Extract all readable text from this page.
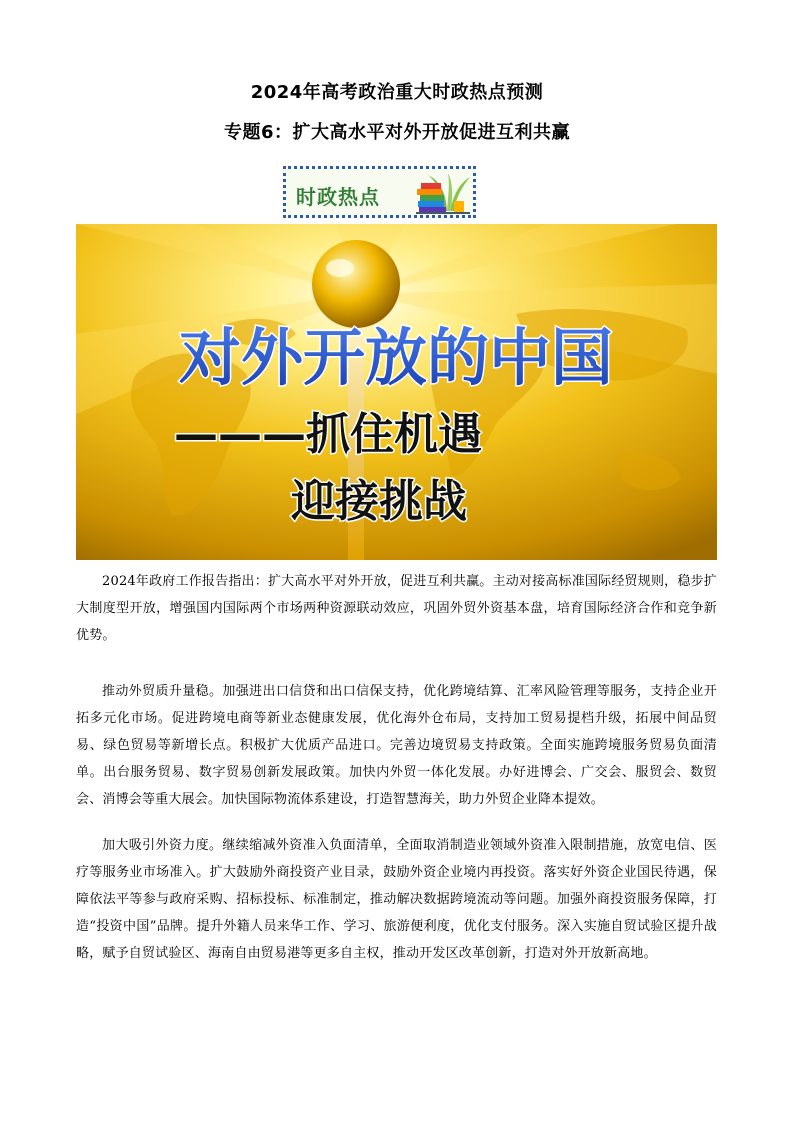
2024年高考政治重大时政热点预测
专题6：扩大高水平对外开放促进互利共赢
时政热点
对外开放的中国
———抓住机遇
迎接挑战

2024年政府工作报告指出：扩大高水平对外开放，促进互利共赢。主动对接高标准国际经贸规则，稳步扩大制度型开放，增强国内国际两个市场两种资源联动效应，巩固外贸外资基本盘，培育国际经济合作和竞争新优势。

推动外贸质升量稳。加强进出口信贷和出口信保支持，优化跨境结算、汇率风险管理等服务，支持企业开拓多元化市场。促进跨境电商等新业态健康发展，优化海外仓布局，支持加工贸易提档升级，拓展中间品贸易、绿色贸易等新增长点。积极扩大优质产品进口。完善边境贸易支持政策。全面实施跨境服务贸易负面清单。出台服务贸易、数字贸易创新发展政策。加快内外贸一体化发展。办好进博会、广交会、服贸会、数贸会、消博会等重大展会。加快国际物流体系建设，打造智慧海关，助力外贸企业降本提效。

加大吸引外资力度。继续缩减外资准入负面清单，全面取消制造业领域外资准入限制措施，放宽电信、医疗等服务业市场准入。扩大鼓励外商投资产业目录，鼓励外资企业境内再投资。落实好外资企业国民待遇，保障依法平等参与政府采购、招标投标、标准制定，推动解决数据跨境流动等问题。加强外商投资服务保障，打造“投资中国”品牌。提升外籍人员来华工作、学习、旅游便利度，优化支付服务。深入实施自贸试验区提升战略，赋予自贸试验区、海南自由贸易港等更多自主权，推动开发区改革创新，打造对外开放新高地。
